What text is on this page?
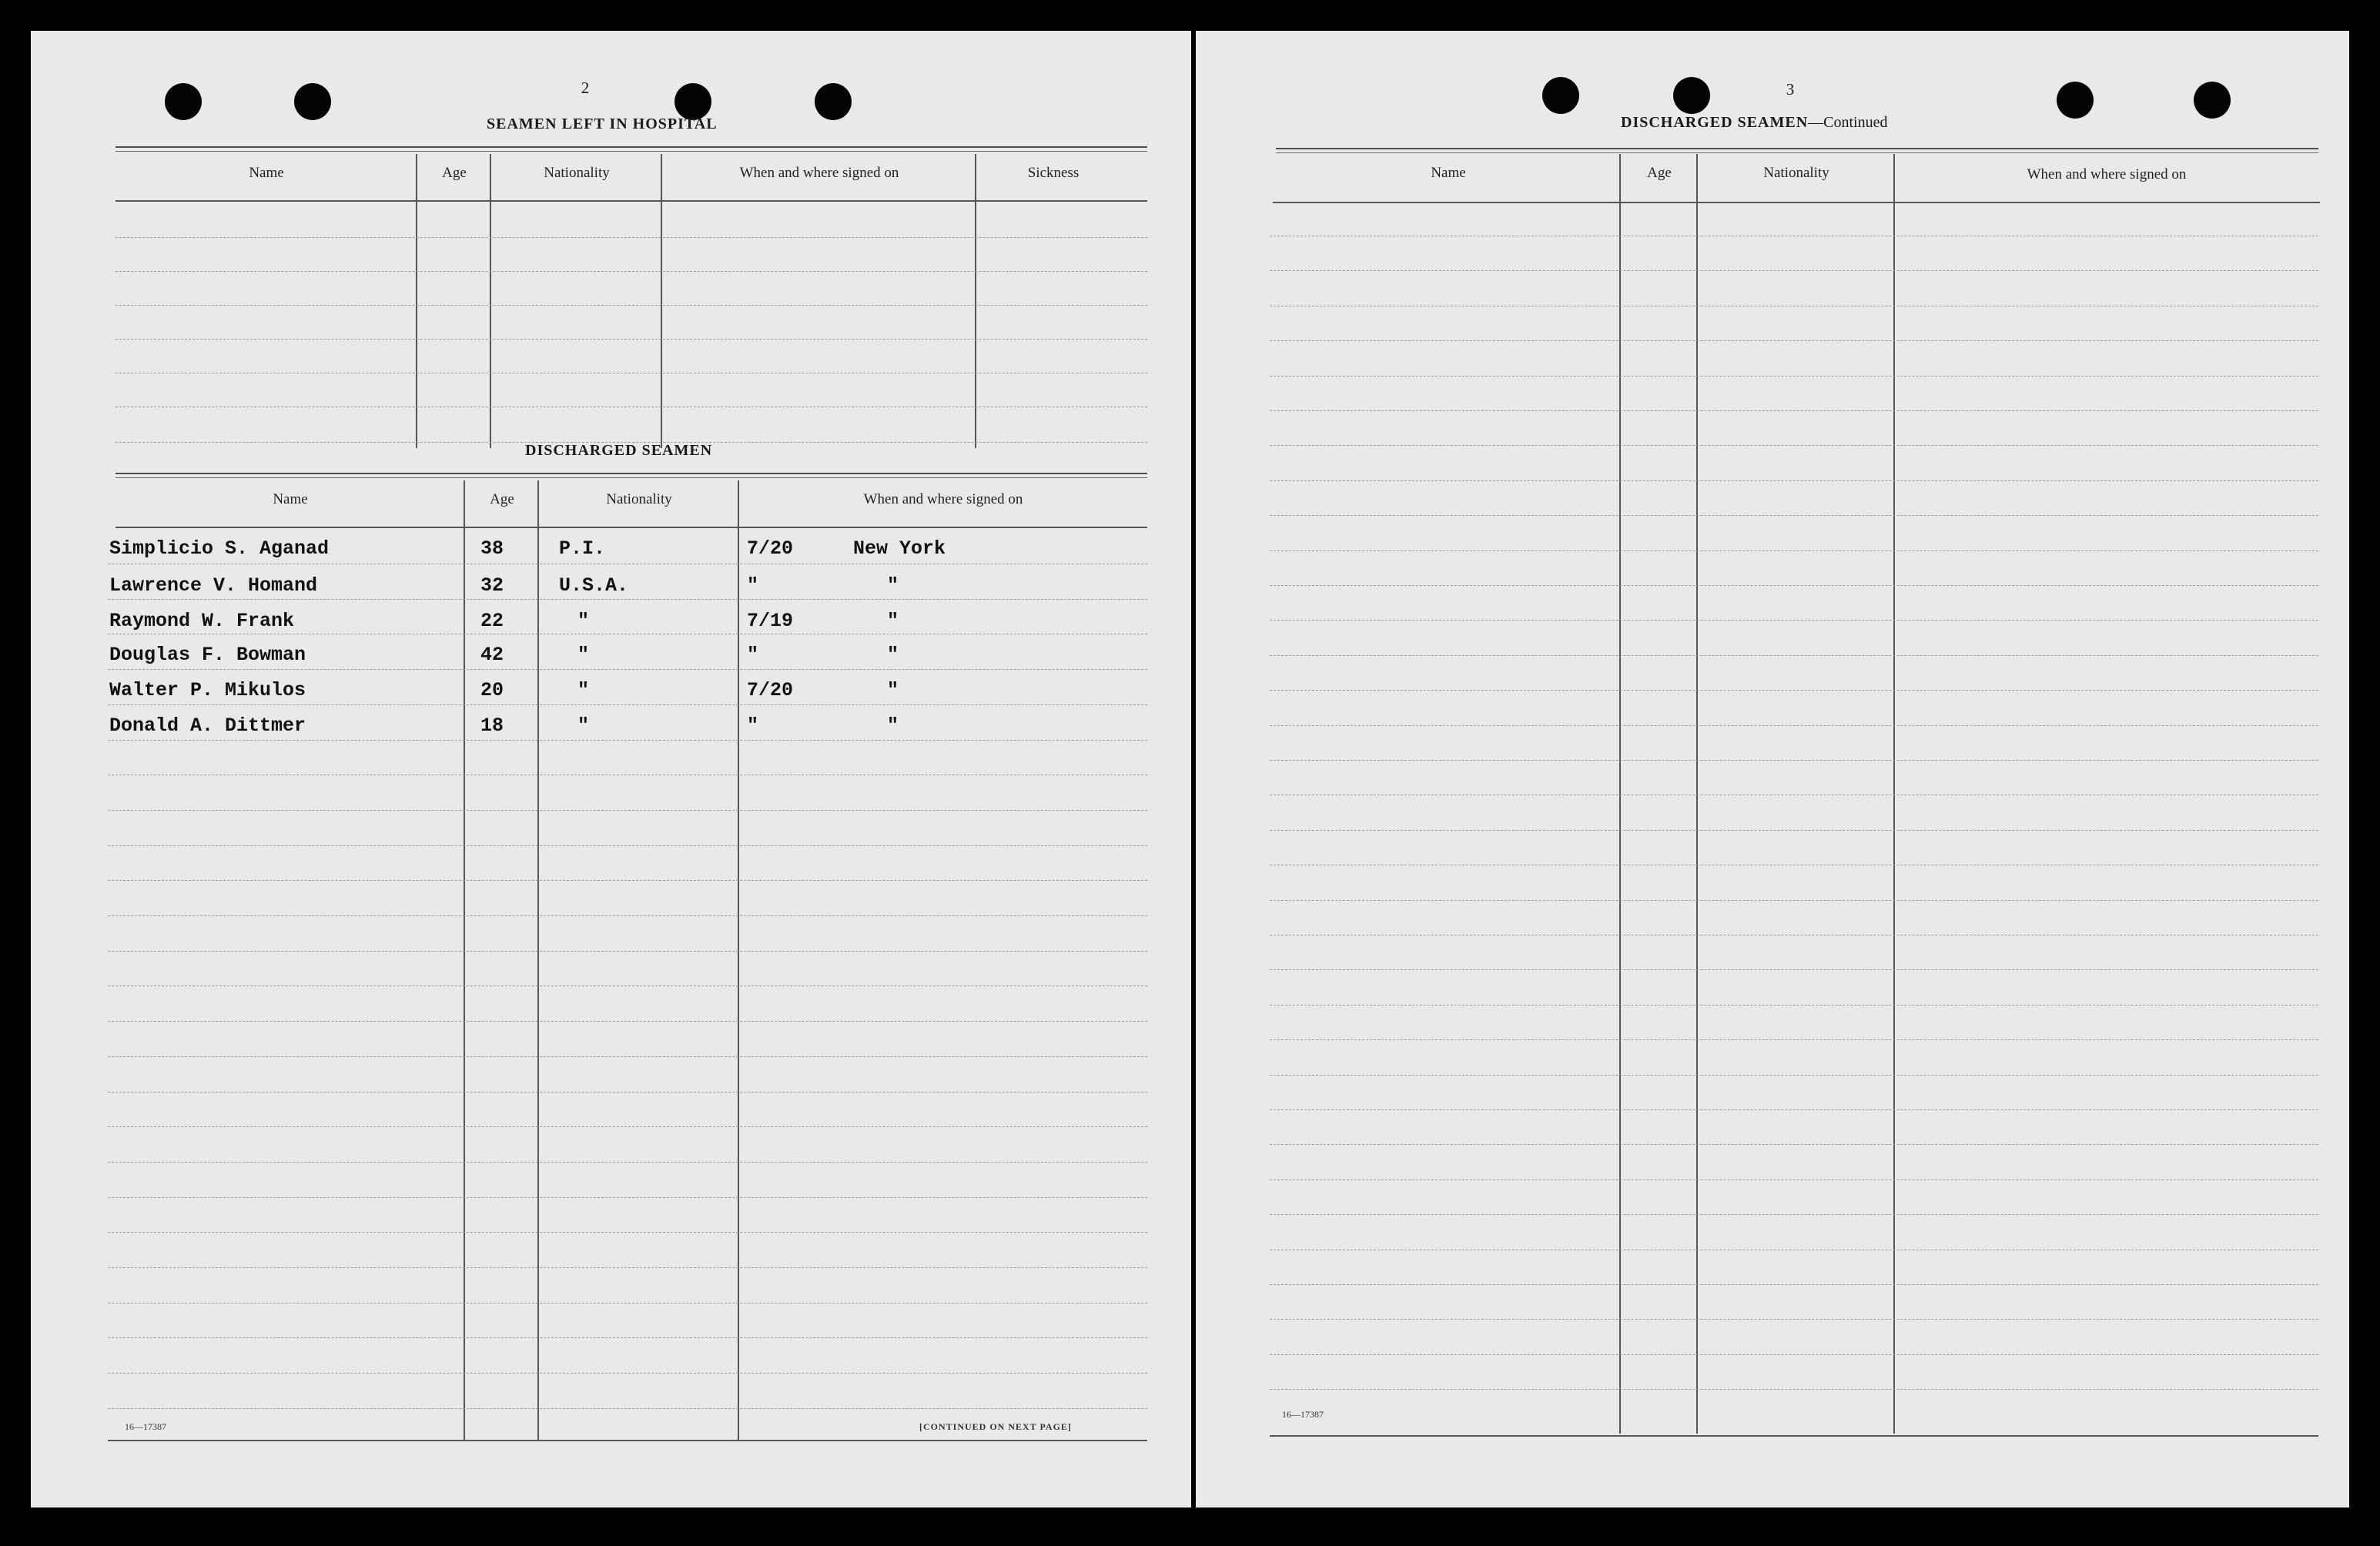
2
SEAMEN LEFT IN HOSPITAL
Name	Age	Nationality	When and where signed on	Sickness
DISCHARGED SEAMEN
Name	Age	Nationality	When and where signed on
Simplicio S. Aganad	38	P.I.	7/20	New York
Lawrence V. Homand	32	U.S.A.	"	"
Raymond W. Frank	22	"	7/19	"
Douglas F. Bowman	42	"	"	"
Walter P. Mikulos	20	"	7/20	"
Donald A. Dittmer	18	"	"	"
16—17387	[CONTINUED ON NEXT PAGE]
3
DISCHARGED SEAMEN—Continued
Name	Age	Nationality	When and where signed on
16—17387
